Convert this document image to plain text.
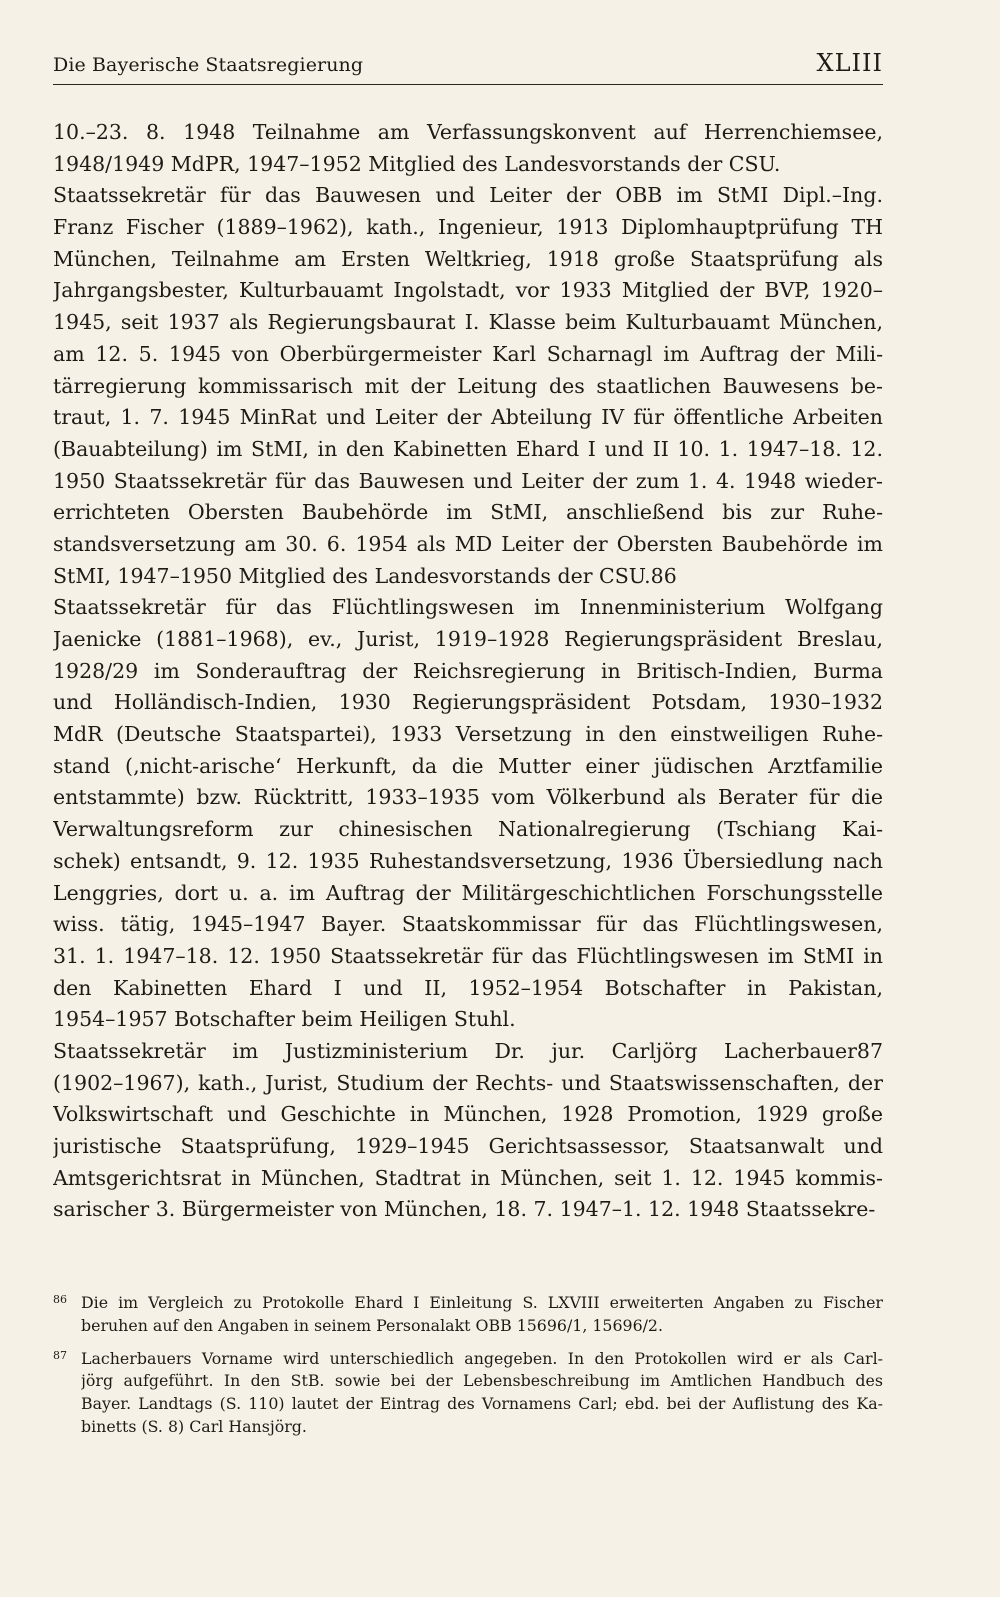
Die Bayerische Staatsregierung	XLIII
10.–23. 8. 1948 Teilnahme am Verfassungskonvent auf Herrenchiemsee,
1948/1949 MdPR, 1947–1952 Mitglied des Landesvorstands der CSU.
Staatssekretär für das Bauwesen und Leiter der OBB im StMI Dipl.–Ing.
Franz Fischer (1889–1962), kath., Ingenieur, 1913 Diplomhauptprüfung TH
München, Teilnahme am Ersten Weltkrieg, 1918 große Staatsprüfung als
Jahrgangsbester, Kulturbauamt Ingolstadt, vor 1933 Mitglied der BVP, 1920–
1945, seit 1937 als Regierungsbaurat I. Klasse beim Kulturbauamt München,
am 12. 5. 1945 von Oberbürgermeister Karl Scharnagl im Auftrag der Mili-
tärregierung kommissarisch mit der Leitung des staatlichen Bauwesens be-
traut, 1. 7. 1945 MinRat und Leiter der Abteilung IV für öffentliche Arbeiten
(Bauabteilung) im StMI, in den Kabinetten Ehard I und II 10. 1. 1947–18. 12.
1950 Staatssekretär für das Bauwesen und Leiter der zum 1. 4. 1948 wieder-
errichteten Obersten Baubehörde im StMI, anschließend bis zur Ruhe-
standsversetzung am 30. 6. 1954 als MD Leiter der Obersten Baubehörde im
StMI, 1947–1950 Mitglied des Landesvorstands der CSU.86
Staatssekretär für das Flüchtlingswesen im Innenministerium Wolfgang
Jaenicke (1881–1968), ev., Jurist, 1919–1928 Regierungspräsident Breslau,
1928/29 im Sonderauftrag der Reichsregierung in Britisch-Indien, Burma
und Holländisch-Indien, 1930 Regierungspräsident Potsdam, 1930–1932
MdR (Deutsche Staatspartei), 1933 Versetzung in den einstweiligen Ruhe-
stand (‚nicht-arische‘ Herkunft, da die Mutter einer jüdischen Arztfamilie
entstammte) bzw. Rücktritt, 1933–1935 vom Völkerbund als Berater für die
Verwaltungsreform zur chinesischen Nationalregierung (Tschiang Kai-
schek) entsandt, 9. 12. 1935 Ruhestandsversetzung, 1936 Übersiedlung nach
Lenggries, dort u. a. im Auftrag der Militärgeschichtlichen Forschungsstelle
wiss. tätig, 1945–1947 Bayer. Staatskommissar für das Flüchtlingswesen,
31. 1. 1947–18. 12. 1950 Staatssekretär für das Flüchtlingswesen im StMI in
den Kabinetten Ehard I und II, 1952–1954 Botschafter in Pakistan,
1954–1957 Botschafter beim Heiligen Stuhl.
Staatssekretär im Justizministerium Dr. jur. Carljörg Lacherbauer87
(1902–1967), kath., Jurist, Studium der Rechts- und Staatswissenschaften, der
Volkswirtschaft und Geschichte in München, 1928 Promotion, 1929 große
juristische Staatsprüfung, 1929–1945 Gerichtsassessor, Staatsanwalt und
Amtsgerichtsrat in München, Stadtrat in München, seit 1. 12. 1945 kommis-
sarischer 3. Bürgermeister von München, 18. 7. 1947–1. 12. 1948 Staatssekre-
86 Die im Vergleich zu Protokolle Ehard I Einleitung S. LXVIII erweiterten Angaben zu Fischer
beruhen auf den Angaben in seinem Personalakt OBB 15696/1, 15696/2.
87 Lacherbauers Vorname wird unterschiedlich angegeben. In den Protokollen wird er als Carl-
jörg aufgeführt. In den StB. sowie bei der Lebensbeschreibung im Amtlichen Handbuch des
Bayer. Landtags (S. 110) lautet der Eintrag des Vornamens Carl; ebd. bei der Auflistung des Ka-
binetts (S. 8) Carl Hansjörg.
